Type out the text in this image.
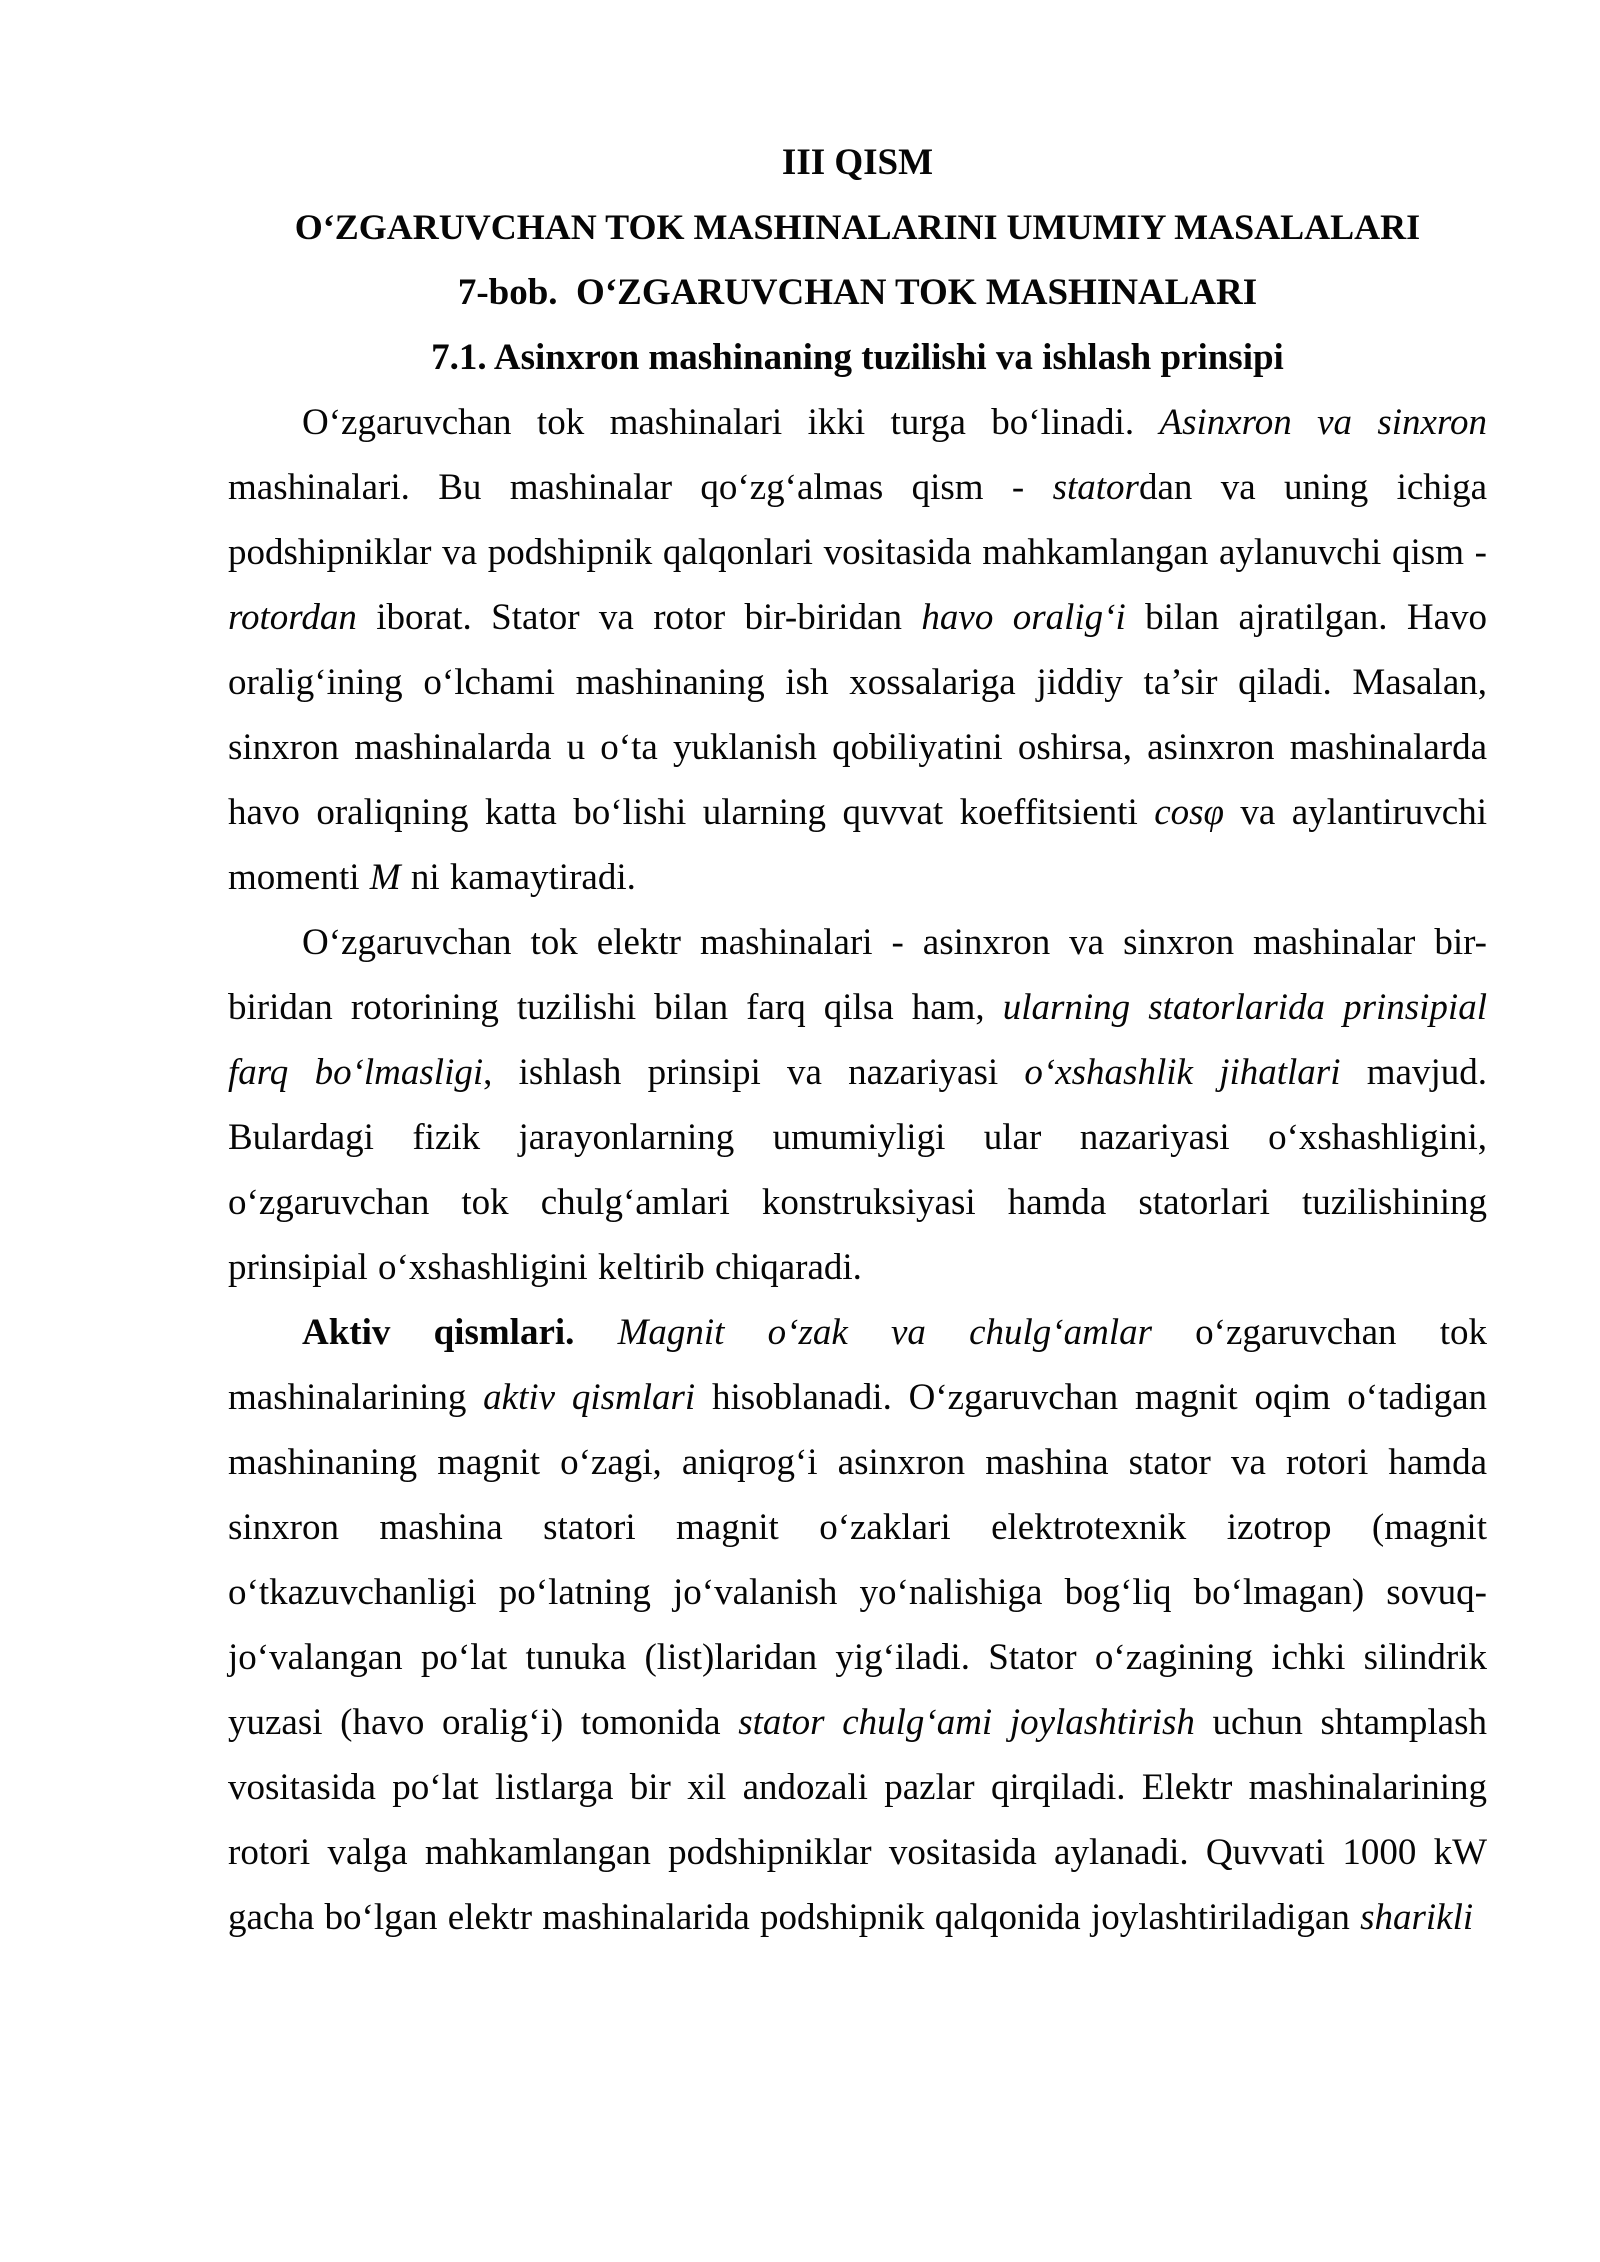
III QISM
OʻZGARUVCHAN TOK MASHINALARINI UMUMIY MASALALARI
7-bob.  OʻZGARUVCHAN TOK MASHINALARI
7.1. Asinxron mashinaning tuzilishi va ishlash prinsipi

Oʻzgaruvchan tok mashinalari ikki turga boʻlinadi. Asinxron va sinxron mashinalari. Bu mashinalar qoʻzgʻalmas qism - statordan va uning ichiga podshipniklar va podshipnik qalqonlari vositasida mahkamlangan aylanuvchi qism - rotordan iborat. Stator va rotor bir-biridan havo oraligʻi bilan ajratilgan. Havo oraligʻining oʻlchami mashinaning ish xossalariga jiddiy ta’sir qiladi. Masalan, sinxron mashinalarda u oʻta yuklanish qobiliyatini oshirsa, asinxron mashinalarda havo oraliqning katta boʻlishi ularning quvvat koeffitsienti cosφ va aylantiruvchi momenti M ni kamaytiradi.

Oʻzgaruvchan tok elektr mashinalari - asinxron va sinxron mashinalar bir-biridan rotorining tuzilishi bilan farq qilsa ham, ularning statorlarida prinsipial farq boʻlmasligi, ishlash prinsipi va nazariyasi oʻxshashlik jihatlari mavjud. Bulardagi fizik jarayonlarning umumiyligi ular nazariyasi oʻxshashligini, oʻzgaruvchan tok chulgʻamlari konstruksiyasi hamda statorlari tuzilishining prinsipial oʻxshashligini keltirib chiqaradi.

Aktiv qismlari. Magnit oʻzak va chulgʻamlar oʻzgaruvchan tok mashinalarining aktiv qismlari hisoblanadi. Oʻzgaruvchan magnit oqim oʻtadigan mashinaning magnit oʻzagi, aniqrogʻi asinxron mashina stator va rotori hamda sinxron mashina statori magnit oʻzaklari elektrotexnik izotrop (magnit oʻtkazuvchanligi poʻlatning joʻvalanish yoʻnalishiga bogʻliq boʻlmagan) sovuq-joʻvalangan poʻlat tunuka (list)laridan yigʻiladi. Stator oʻzagining ichki silindrik yuzasi (havo oraligʻi) tomonida stator chulgʻami joylashtirish uchun shtamplash vositasida poʻlat listlarga bir xil andozali pazlar qirqiladi. Elektr mashinalarining rotori valga mahkamlangan podshipniklar vositasida aylanadi. Quvvati 1000 kW gacha boʻlgan elektr mashinalarida podshipnik qalqonida joylashtiriladigan sharikli
